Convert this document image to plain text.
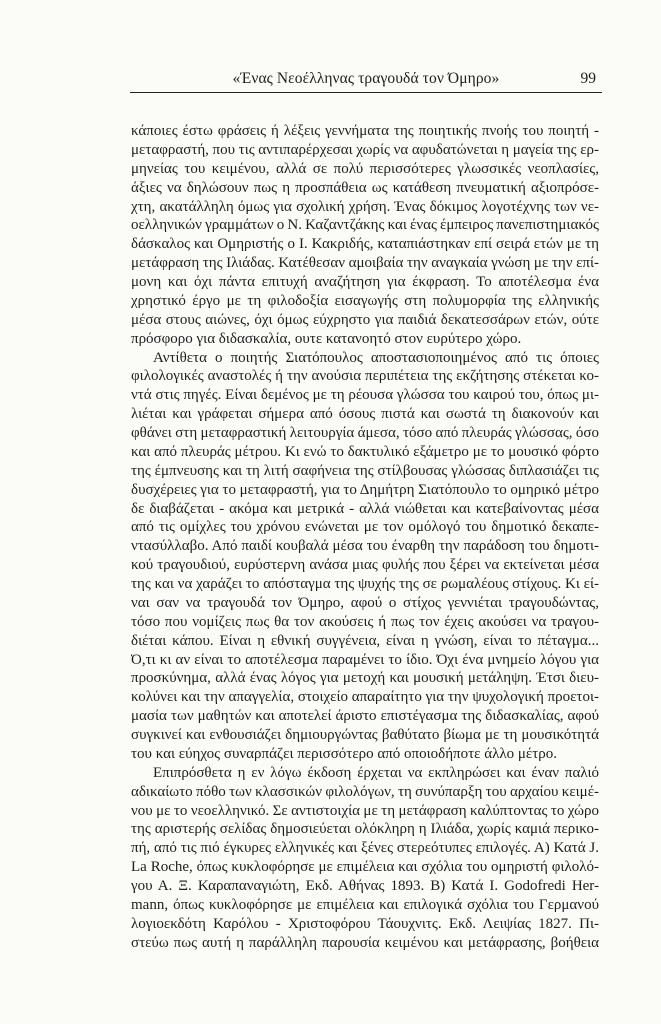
«Ένας Νεοέλληνας τραγουδά τον Όμηρο»	99
κάποιες έστω φράσεις ή λέξεις γεννήματα της ποιητικής πνοής του ποιητή -
μεταφραστή, που τις αντιπαρέρχεσαι χωρίς να αφυδατώνεται η μαγεία της ερ-
μηνείας του κειμένου, αλλά σε πολύ περισσότερες γλωσσικές νεοπλασίες,
άξιες να δηλώσουν πως η προσπάθεια ως κατάθεση πνευματική αξιοπρόσε-
χτη, ακατάλληλη όμως για σχολική χρήση. Ένας δόκιμος λογοτέχνης των νε-
οελληνικών γραμμάτων ο Ν. Καζαντζάκης και ένας έμπειρος πανεπιστημιακός
δάσκαλος και Ομηριστής ο Ι. Κακριδής, καταπιάστηκαν επί σειρά ετών με τη
μετάφραση της Ιλιάδας. Κατέθεσαν αμοιβαία την αναγκαία γνώση με την επί-
μονη και όχι πάντα επιτυχή αναζήτηση για έκφραση. Το αποτέλεσμα ένα
χρηστικό έργο με τη φιλοδοξία εισαγωγής στη πολυμορφία της ελληνικής
μέσα στους αιώνες, όχι όμως εύχρηστο για παιδιά δεκατεσσάρων ετών, ούτε
πρόσφορο για διδασκαλία, ουτε κατανοητό στον ευρύτερο χώρο.
Αντίθετα ο ποιητής Σιατόπουλος αποστασιοποιημένος από τις όποιες
φιλολογικές αναστολές ή την ανούσια περιπέτεια της εκζήτησης στέκεται κο-
ντά στις πηγές. Είναι δεμένος με τη ρέουσα γλώσσα του καιρού του, όπως μι-
λιέται και γράφεται σήμερα από όσους πιστά και σωστά τη διακονούν και
φθάνει στη μεταφραστική λειτουργία άμεσα, τόσο από πλευράς γλώσσας, όσο
και από πλευράς μέτρου. Κι ενώ το δακτυλικό εξάμετρο με το μουσικό φόρτο
της έμπνευσης και τη λιτή σαφήνεια της στίλβουσας γλώσσας διπλασιάζει τις
δυσχέρειες για το μεταφραστή, για το Δημήτρη Σιατόπουλο το ομηρικό μέτρο
δε διαβάζεται - ακόμα και μετρικά - αλλά νιώθεται και κατεβαίνοντας μέσα
από τις ομίχλες του χρόνου ενώνεται με τον ομόλογό του δημοτικό δεκαπε-
ντασύλλαβο. Από παιδί κουβαλά μέσα του έναρθη την παράδοση του δημοτι-
κού τραγουδιού, ευρύστερνη ανάσα μιας φυλής που ξέρει να εκτείνεται μέσα
της και να χαράζει το απόσταγμα της ψυχής της σε ρωμαλέους στίχους. Κι εί-
ναι σαν να τραγουδά τον Όμηρο, αφού ο στίχος γεννιέται τραγουδώντας,
τόσο που νομίζεις πως θα τον ακούσεις ή πως τον έχεις ακούσει να τραγου-
διέται κάπου. Είναι η εθνική συγγένεια, είναι η γνώση, είναι το πέταγμα...
Ό,τι κι αν είναι το αποτέλεσμα παραμένει το ίδιο. Όχι ένα μνημείο λόγου για
προσκύνημα, αλλά ένας λόγος για μετοχή και μουσική μετάληψη. Έτσι διευ-
κολύνει και την απαγγελία, στοιχείο απαραίτητο για την ψυχολογική προετοι-
μασία των μαθητών και αποτελεί άριστο επιστέγασμα της διδασκαλίας, αφού
συγκινεί και ενθουσιάζει δημιουργώντας βαθύτατο βίωμα με τη μουσικότητά
του και εύηχος συναρπάζει περισσότερο από οποιοδήποτε άλλο μέτρο.
Επιπρόσθετα η εν λόγω έκδοση έρχεται να εκπληρώσει και έναν παλιό
αδικαίωτο πόθο των κλασσικών φιλολόγων, τη συνύπαρξη του αρχαίου κειμέ-
νου με το νεοελληνικό. Σε αντιστοιχία με τη μετάφραση καλύπτοντας το χώρο
της αριστερής σελίδας δημοσιεύεται ολόκληρη η Ιλιάδα, χωρίς καμιά περικο-
πή, από τις πιό έγκυρες ελληνικές και ξένες στερεότυπες επιλογές. Α) Κατά J.
La Roche, όπως κυκλοφόρησε με επιμέλεια και σχόλια του ομηριστή φιλολό-
γου Α. Ξ. Καραπαναγιώτη, Εκδ. Αθήνας 1893. Β) Κατά I. Godofredi Her-
mann, όπως κυκλοφόρησε με επιμέλεια και επιλογικά σχόλια του Γερμανού
λογιοεκδότη Καρόλου - Χριστοφόρου Τάουχνιτς. Εκδ. Λειψίας 1827. Πι-
στεύω πως αυτή η παράλληλη παρουσία κειμένου και μετάφρασης, βοήθεια
